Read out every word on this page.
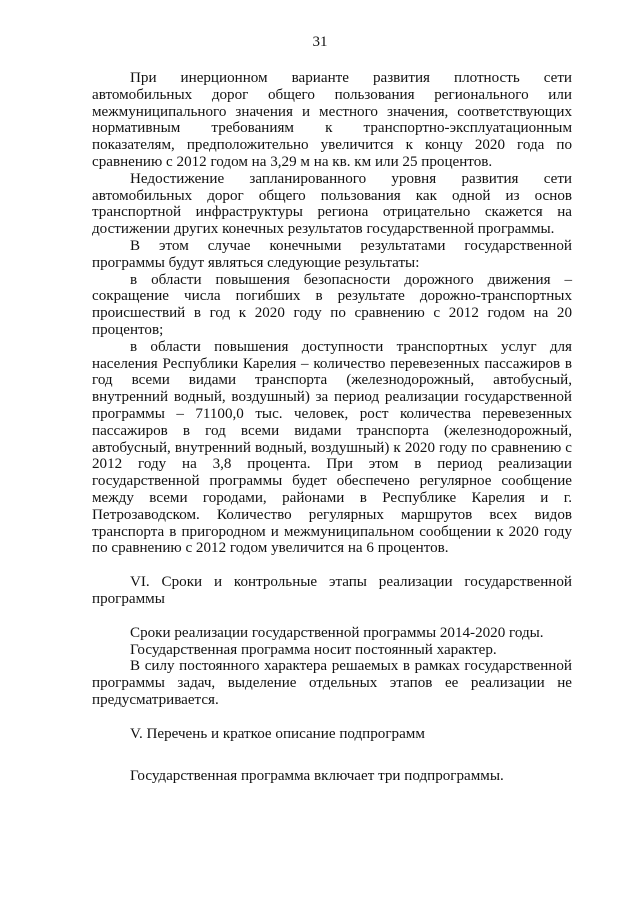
31

При инерционном варианте развития плотность сети автомобильных дорог общего пользования регионального или межмуниципального значения и местного значения, соответствующих нормативным требованиям к транспортно-эксплуатационным показателям, предположительно увеличится к концу 2020 года по сравнению с 2012 годом на 3,29 м на кв. км или 25 процентов.

Недостижение запланированного уровня развития сети автомобильных дорог общего пользования как одной из основ транспортной инфраструктуры региона отрицательно скажется на достижении других конечных результатов государственной программы.

В этом случае конечными результатами государственной программы будут являться следующие результаты:

в области повышения безопасности дорожного движения – сокращение числа погибших в результате дорожно-транспортных происшествий в год к 2020 году по сравнению с 2012 годом на 20 процентов;

в области повышения доступности транспортных услуг для населения Республики Карелия – количество перевезенных пассажиров в год всеми видами транспорта (железнодорожный, автобусный, внутренний водный, воздушный) за период реализации государственной программы – 71100,0 тыс. человек, рост количества перевезенных пассажиров в год всеми видами транспорта (железнодорожный, автобусный, внутренний водный, воздушный) к 2020 году по сравнению с 2012 году на 3,8 процента. При этом в период реализации государственной программы будет обеспечено регулярное сообщение между всеми городами, районами в Республике Карелия и г. Петрозаводском. Количество регулярных маршрутов всех видов транспорта в пригородном и межмуниципальном сообщении к 2020 году по сравнению с 2012 годом увеличится на 6 процентов.

VI. Сроки и контрольные этапы реализации государственной программы

Сроки реализации государственной программы 2014-2020 годы.

Государственная программа носит постоянный характер.

В силу постоянного характера решаемых в рамках государственной программы задач, выделение отдельных этапов ее реализации не предусматривается.

V. Перечень и краткое описание подпрограмм

Государственная программа включает три подпрограммы.
